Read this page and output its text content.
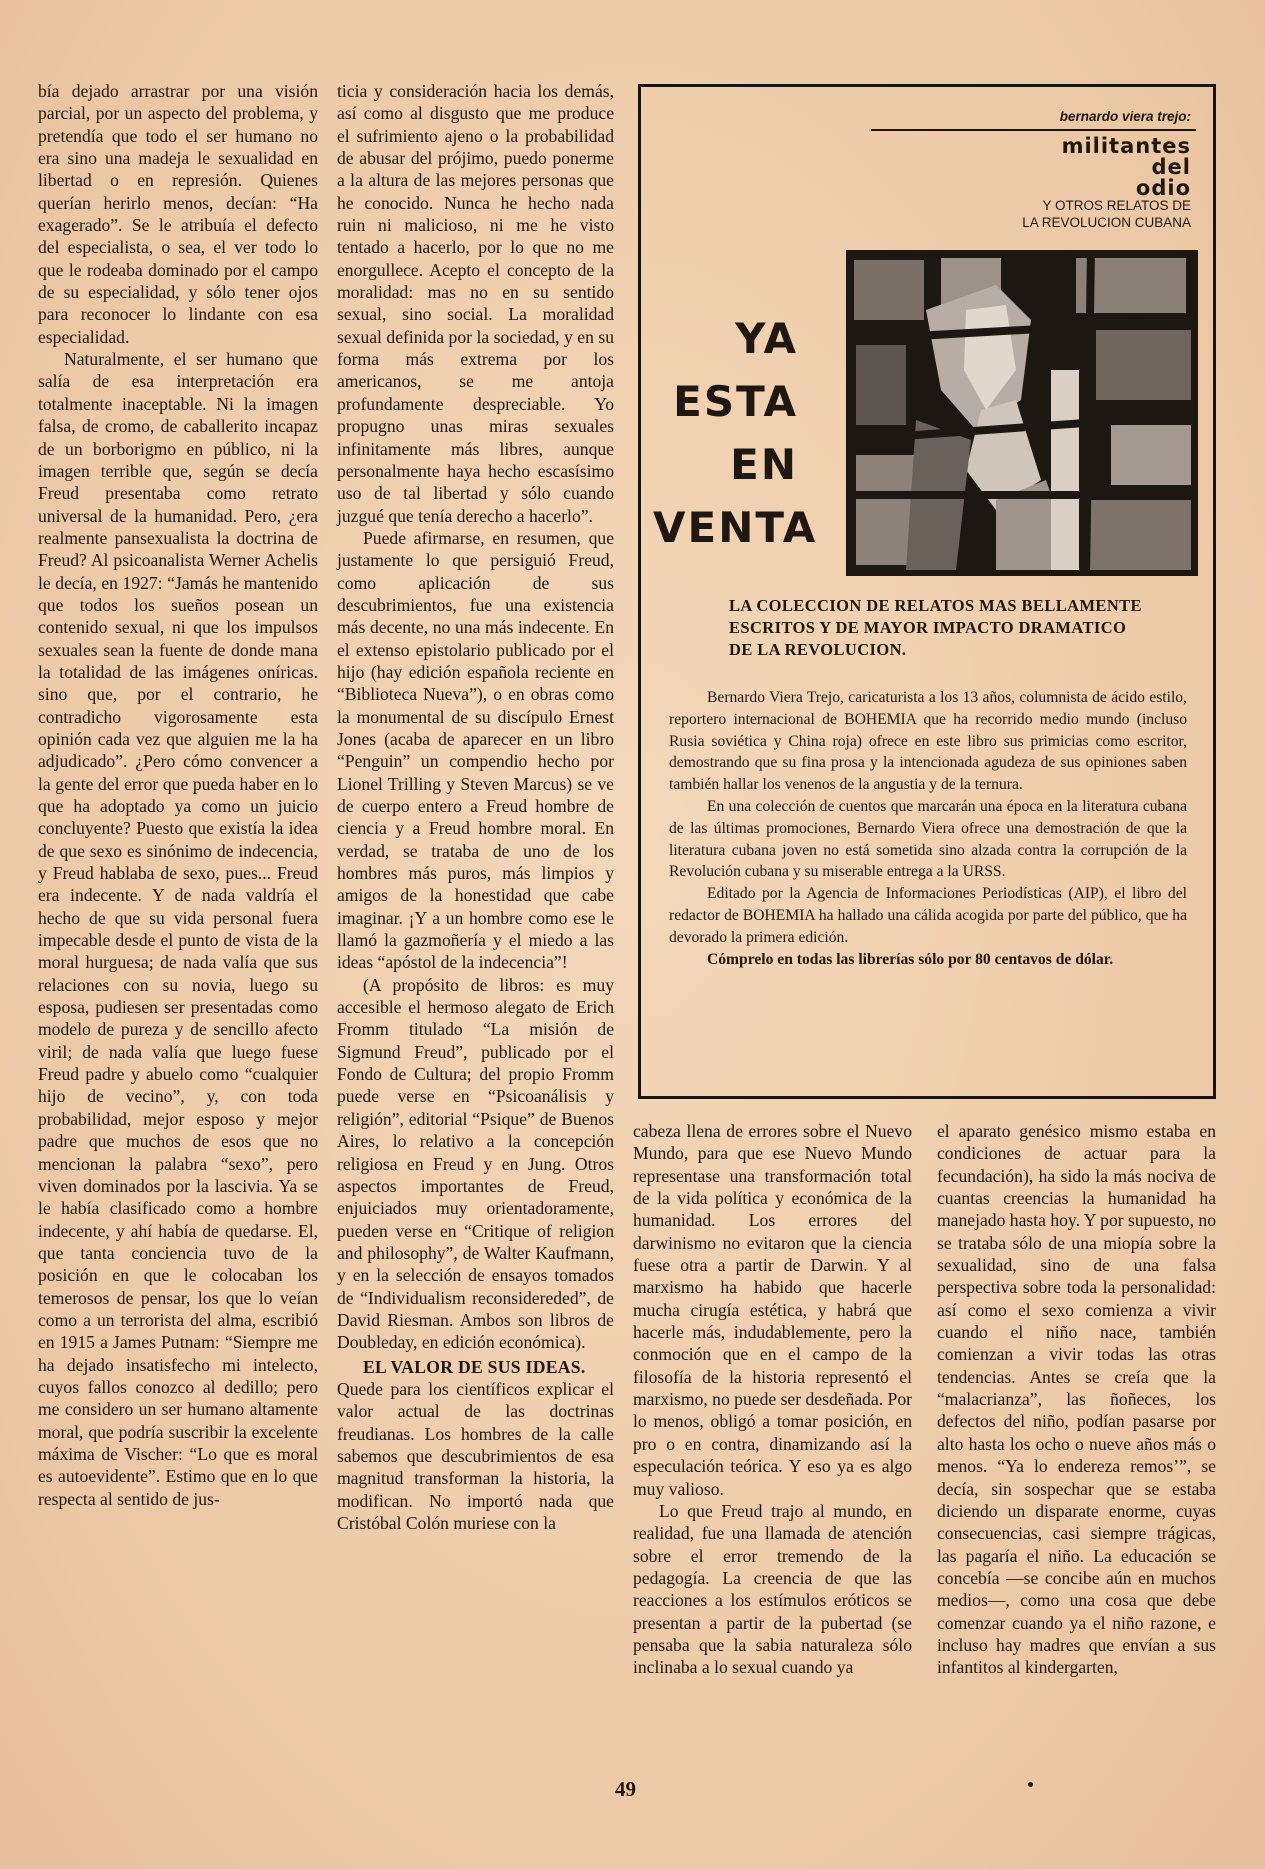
bía dejado arrastrar por una visión parcial, por un aspecto del problema, y pretendía que todo el ser humano no era sino una madeja le sexualidad en libertad o en represión. Quienes querían herirlo menos, decían: “Ha exagerado”. Se le atribuía el defecto del especialista, o sea, el ver todo lo que le rodeaba dominado por el campo de su especialidad, y sólo tener ojos para reconocer lo lindante con esa especialidad.

Naturalmente, el ser humano que salía de esa interpretación era totalmente inaceptable. Ni la imagen falsa, de cromo, de caballerito incapaz de un borborigmo en público, ni la imagen terrible que, según se decía Freud presentaba como retrato universal de la humanidad. Pero, ¿era realmente pansexualista la doctrina de Freud? Al psicoanalista Werner Achelis le decía, en 1927: “Jamás he mantenido que todos los sueños posean un contenido sexual, ni que los impulsos sexuales sean la fuente de donde mana la totalidad de las imágenes oníricas. sino que, por el contrario, he contradicho vigorosamente esta opinión cada vez que alguien me la ha adjudicado”. ¿Pero cómo convencer a la gente del error que pueda haber en lo que ha adoptado ya como un juicio concluyente? Puesto que existía la idea de que sexo es sinónimo de indecencia, y Freud hablaba de sexo, pues... Freud era indecente. Y de nada valdría el hecho de que su vida personal fuera impecable desde el punto de vista de la moral hurguesa; de nada valía que sus relaciones con su novia, luego su esposa, pudiesen ser presentadas como modelo de pureza y de sencillo afecto viril; de nada valía que luego fuese Freud padre y abuelo como “cualquier hijo de vecino”, y, con toda probabilidad, mejor esposo y mejor padre que muchos de esos que no mencionan la palabra “sexo”, pero viven dominados por la lascivia. Ya se le había clasificado como a hombre indecente, y ahí había de quedarse. El, que tanta conciencia tuvo de la posición en que le colocaban los temerosos de pensar, los que lo veían como a un terrorista del alma, escribió en 1915 a James Putnam: “Siempre me ha dejado insatisfecho mi intelecto, cuyos fallos conozco al dedillo; pero me considero un ser humano altamente moral, que podría suscribir la excelente máxima de Vischer: “Lo que es moral es autoevidente”. Estimo que en lo que respecta al sentido de jus-

ticia y consideración hacia los demás, así como al disgusto que me produce el sufrimiento ajeno o la probabilidad de abusar del prójimo, puedo ponerme a la altura de las mejores personas que he conocido. Nunca he hecho nada ruin ni malicioso, ni me he visto tentado a hacerlo, por lo que no me enorgullece. Acepto el concepto de la moralidad: mas no en su sentido sexual, sino social. La moralidad sexual definida por la sociedad, y en su forma más extrema por los americanos, se me antoja profundamente despreciable. Yo propugno unas miras sexuales infinitamente más libres, aunque personalmente haya hecho escasísimo uso de tal libertad y sólo cuando juzgué que tenía derecho a hacerlo”.

Puede afirmarse, en resumen, que justamente lo que persiguió Freud, como aplicación de sus descubrimientos, fue una existencia más decente, no una más indecente. En el extenso epistolario publicado por el hijo (hay edición española reciente en “Biblioteca Nueva”), o en obras como la monumental de su discípulo Ernest Jones (acaba de aparecer en un libro “Penguin” un compendio hecho por Lionel Trilling y Steven Marcus) se ve de cuerpo entero a Freud hombre de ciencia y a Freud hombre moral. En verdad, se trataba de uno de los hombres más puros, más limpios y amigos de la honestidad que cabe imaginar. ¡Y a un hombre como ese le llamó la gazmoñería y el miedo a las ideas “apóstol de la indecencia”!

(A propósito de libros: es muy accesible el hermoso alegato de Erich Fromm titulado “La misión de Sigmund Freud”, publicado por el Fondo de Cultura; del propio Fromm puede verse en “Psicoanálisis y religión”, editorial “Psique” de Buenos Aires, lo relativo a la concepción religiosa en Freud y en Jung. Otros aspectos importantes de Freud, enjuiciados muy orientadoramente, pueden verse en “Critique of religion and philosophy”, de Walter Kaufmann, y en la selección de ensayos tomados de “Individualism reconsidereded”, de David Riesman. Ambos son libros de Doubleday, en edición económica).

EL VALOR DE SUS IDEAS.

Quede para los científicos explicar el valor actual de las doctrinas freudianas. Los hombres de la calle sabemos que descubrimientos de esa magnitud transforman la historia, la modifican. No importó nada que Cristóbal Colón muriese con la

bernardo viera trejo:
militantes
del
odio
Y OTROS RELATOS DE
LA REVOLUCION CUBANA
YA
ESTA
EN
VENTA
LA COLECCION DE RELATOS MAS BELLAMENTE ESCRITOS Y DE MAYOR IMPACTO DRAMATICO DE LA REVOLUCION.

Bernardo Viera Trejo, caricaturista a los 13 años, columnista de ácido estilo, reportero internacional de BOHEMIA que ha recorrido medio mundo (incluso Rusia soviética y China roja) ofrece en este libro sus primicias como escritor, demostrando que su fina prosa y la intencionada agudeza de sus opiniones saben también hallar los venenos de la angustia y de la ternura.

En una colección de cuentos que marcarán una época en la literatura cubana de las últimas promociones, Bernardo Viera ofrece una demostración de que la literatura cubana joven no está sometida sino alzada contra la corrupción de la Revolución cubana y su miserable entrega a la URSS.

Editado por la Agencia de Informaciones Periodísticas (AIP), el libro del redactor de BOHEMIA ha hallado una cálida acogida por parte del público, que ha devorado la primera edición.

Cómprelo en todas las librerías sólo por 80 centavos de dólar.

cabeza llena de errores sobre el Nuevo Mundo, para que ese Nuevo Mundo representase una transformación total de la vida política y económica de la humanidad. Los errores del darwinismo no evitaron que la ciencia fuese otra a partir de Darwin. Y al marxismo ha habido que hacerle mucha cirugía estética, y habrá que hacerle más, indudablemente, pero la conmoción que en el campo de la filosofía de la historia representó el marxismo, no puede ser desdeñada. Por lo menos, obligó a tomar posición, en pro o en contra, dinamizando así la especulación teórica. Y eso ya es algo muy valioso.

Lo que Freud trajo al mundo, en realidad, fue una llamada de atención sobre el error tremendo de la pedagogía. La creencia de que las reacciones a los estímulos eróticos se presentan a partir de la pubertad (se pensaba que la sabia naturaleza sólo inclinaba a lo sexual cuando ya

el aparato genésico mismo estaba en condiciones de actuar para la fecundación), ha sido la más nociva de cuantas creencias la humanidad ha manejado hasta hoy. Y por supuesto, no se trataba sólo de una miopía sobre la sexualidad, sino de una falsa perspectiva sobre toda la personalidad: así como el sexo comienza a vivir cuando el niño nace, también comienzan a vivir todas las otras tendencias. Antes se creía que la “malacrianza”, las ñoñeces, los defectos del niño, podían pasarse por alto hasta los ocho o nueve años más o menos. “Ya lo endereza remos’”, se decía, sin sospechar que se estaba diciendo un disparate enorme, cuyas consecuencias, casi siempre trágicas, las pagaría el niño. La educación se concebía —se concibe aún en muchos medios—, como una cosa que debe comenzar cuando ya el niño razone, e incluso hay madres que envían a sus infantitos al kindergarten,

49
